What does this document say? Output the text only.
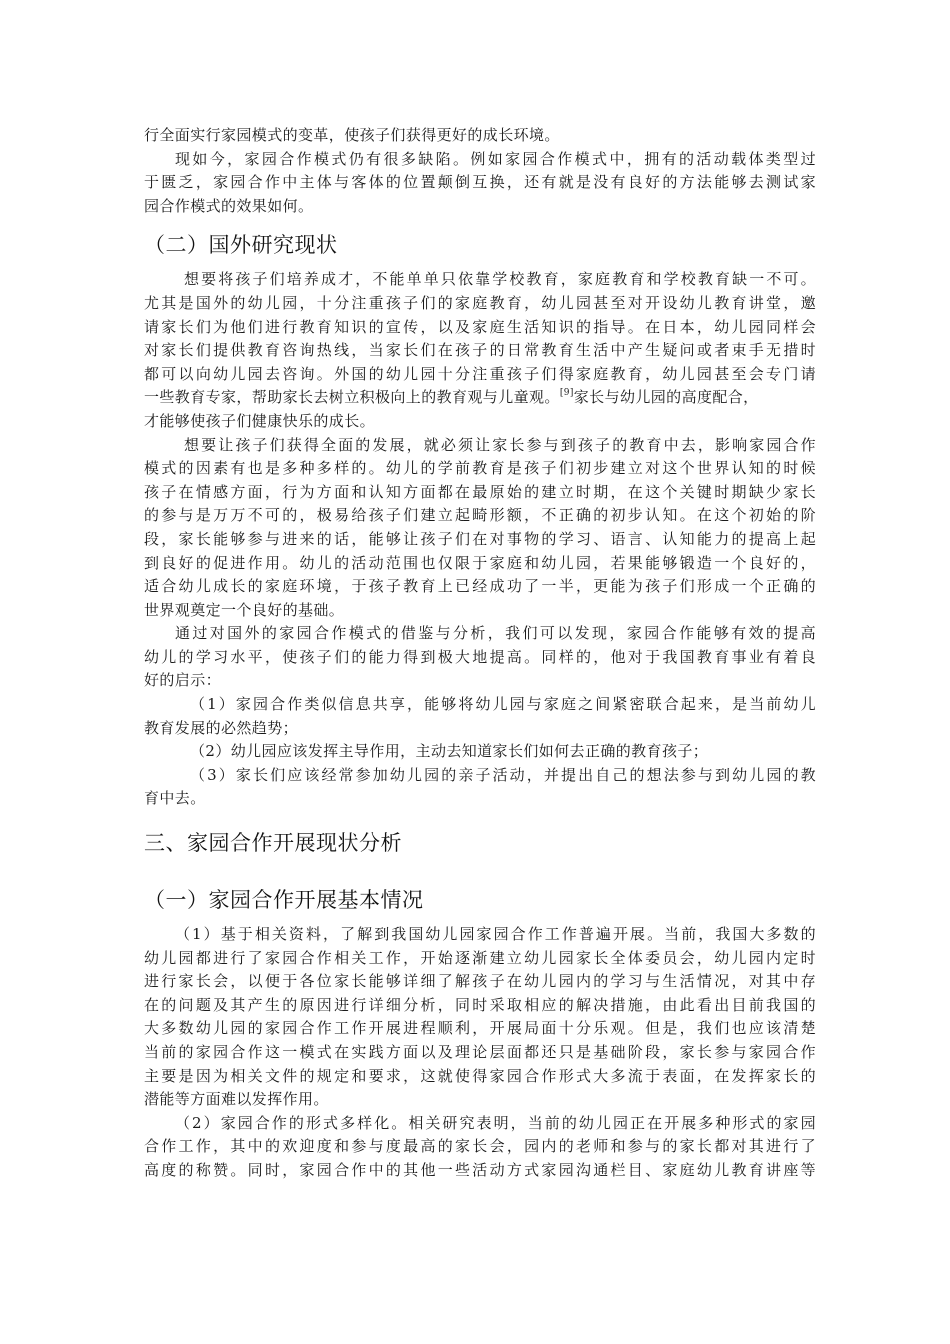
行全面实行家园模式的变革，使孩子们获得更好的成长环境。
现如今，家园合作模式仍有很多缺陷。例如家园合作模式中，拥有的活动载体类型过
于匮乏，家园合作中主体与客体的位置颠倒互换，还有就是没有良好的方法能够去测试家
园合作模式的效果如何。
（二）国外研究现状
想要将孩子们培养成才，不能单单只依靠学校教育，家庭教育和学校教育缺一不可。
尤其是国外的幼儿园，十分注重孩子们的家庭教育，幼儿园甚至对开设幼儿教育讲堂，邀
请家长们为他们进行教育知识的宣传，以及家庭生活知识的指导。在日本，幼儿园同样会
对家长们提供教育咨询热线，当家长们在孩子的日常教育生活中产生疑问或者束手无措时
都可以向幼儿园去咨询。外国的幼儿园十分注重孩子们得家庭教育，幼儿园甚至会专门请
一些教育专家，帮助家长去树立积极向上的教育观与儿童观。[9]家长与幼儿园的高度配合，
才能够使孩子们健康快乐的成长。
想要让孩子们获得全面的发展，就必须让家长参与到孩子的教育中去，影响家园合作
模式的因素有也是多种多样的。幼儿的学前教育是孩子们初步建立对这个世界认知的时候
孩子在情感方面，行为方面和认知方面都在最原始的建立时期，在这个关键时期缺少家长
的参与是万万不可的，极易给孩子们建立起畸形额，不正确的初步认知。在这个初始的阶
段，家长能够参与进来的话，能够让孩子们在对事物的学习、语言、认知能力的提高上起
到良好的促进作用。幼儿的活动范围也仅限于家庭和幼儿园，若果能够锻造一个良好的，
适合幼儿成长的家庭环境，于孩子教育上已经成功了一半，更能为孩子们形成一个正确的
世界观奠定一个良好的基础。
通过对国外的家园合作模式的借鉴与分析，我们可以发现，家园合作能够有效的提高
幼儿的学习水平，使孩子们的能力得到极大地提高。同样的，他对于我国教育事业有着良
好的启示：
（1）家园合作类似信息共享，能够将幼儿园与家庭之间紧密联合起来，是当前幼儿
教育发展的必然趋势；
（2）幼儿园应该发挥主导作用，主动去知道家长们如何去正确的教育孩子；
（3）家长们应该经常参加幼儿园的亲子活动，并提出自己的想法参与到幼儿园的教
育中去。
三、家园合作开展现状分析
（一）家园合作开展基本情况
（1）基于相关资料，了解到我国幼儿园家园合作工作普遍开展。当前，我国大多数的
幼儿园都进行了家园合作相关工作，开始逐渐建立幼儿园家长全体委员会，幼儿园内定时
进行家长会，以便于各位家长能够详细了解孩子在幼儿园内的学习与生活情况，对其中存
在的问题及其产生的原因进行详细分析，同时采取相应的解决措施，由此看出目前我国的
大多数幼儿园的家园合作工作开展进程顺利，开展局面十分乐观。但是，我们也应该清楚
当前的家园合作这一模式在实践方面以及理论层面都还只是基础阶段，家长参与家园合作
主要是因为相关文件的规定和要求，这就使得家园合作形式大多流于表面，在发挥家长的
潜能等方面难以发挥作用。
（2）家园合作的形式多样化。相关研究表明，当前的幼儿园正在开展多种形式的家园
合作工作，其中的欢迎度和参与度最高的家长会，园内的老师和参与的家长都对其进行了
高度的称赞。同时，家园合作中的其他一些活动方式家园沟通栏目、家庭幼儿教育讲座等
